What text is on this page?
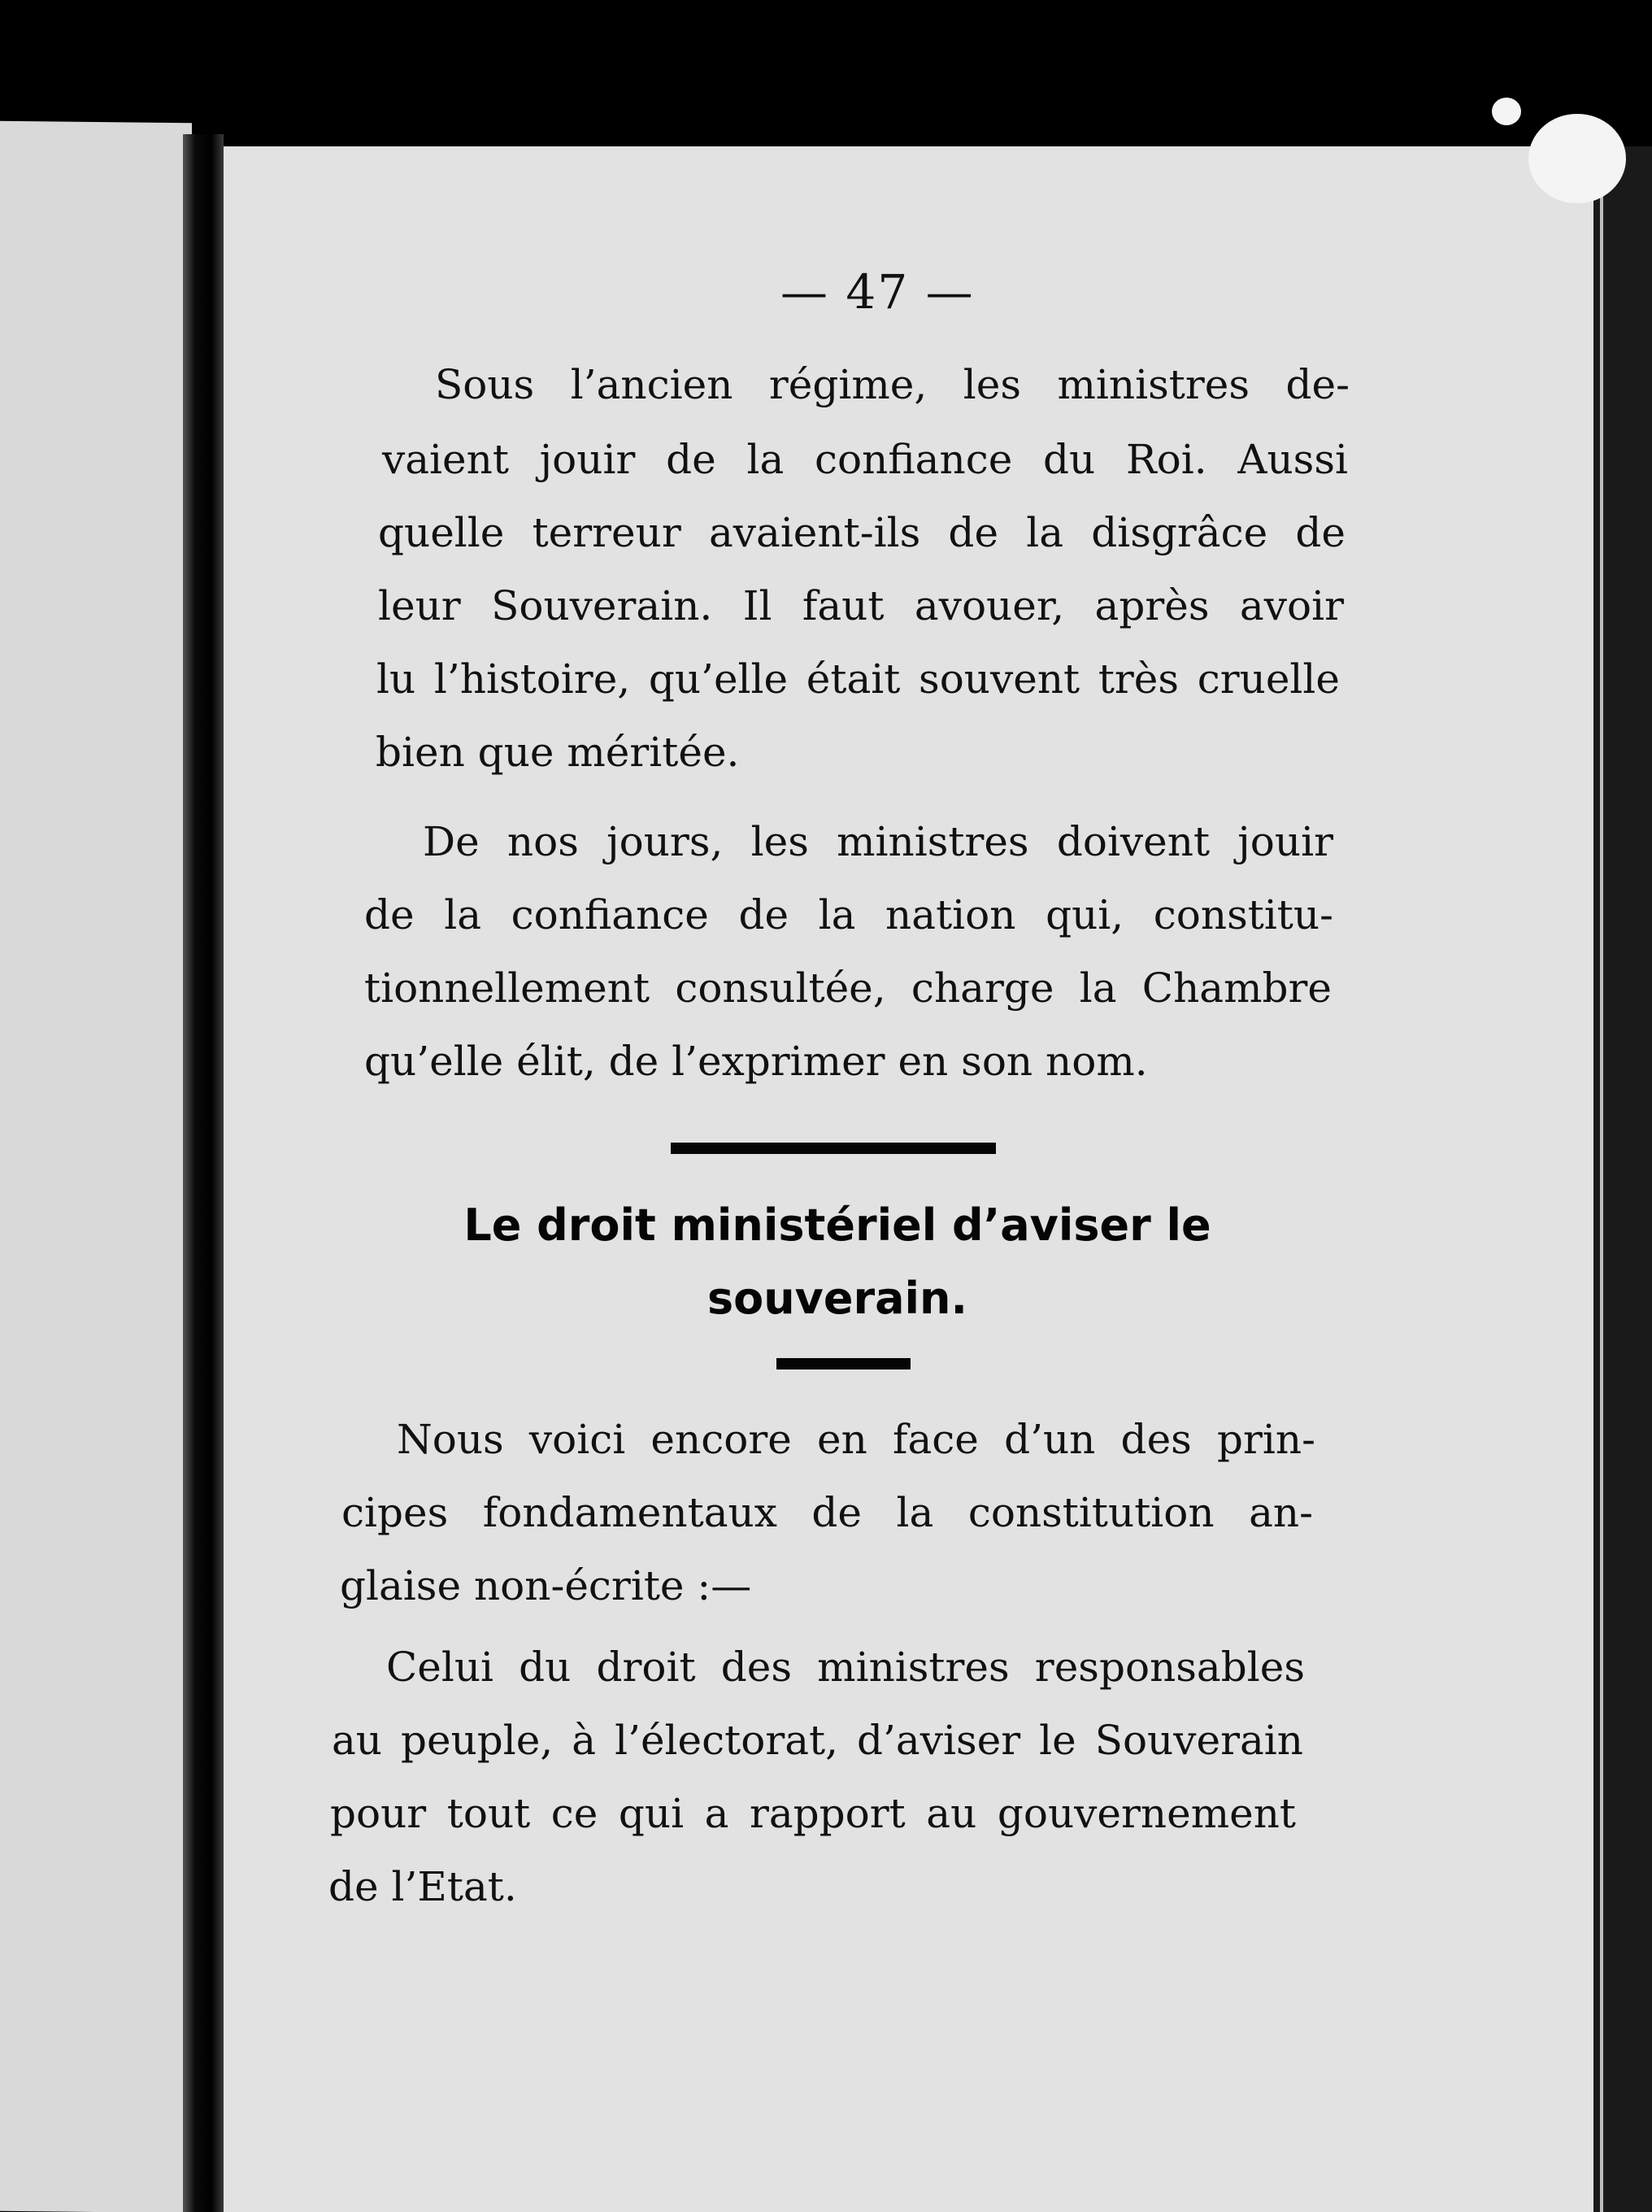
— 47 —
Sous l’ancien régime, les ministres de-
vaient jouir de la confiance du Roi. Aussi
quelle terreur avaient-ils de la disgrâce de
leur Souverain. Il faut avouer, après avoir
lu l’histoire, qu’elle était souvent très cruelle
bien que méritée.
De nos jours, les ministres doivent jouir
de la confiance de la nation qui, constitu-
tionnellement consultée, charge la Chambre
qu’elle élit, de l’exprimer en son nom.
Le droit ministériel d’aviser le
souverain.
Nous voici encore en face d’un des prin-
cipes fondamentaux de la constitution an-
glaise non-écrite :—
Celui du droit des ministres responsables
au peuple, à l’électorat, d’aviser le Souverain
pour tout ce qui a rapport au gouvernement
de l’Etat.
